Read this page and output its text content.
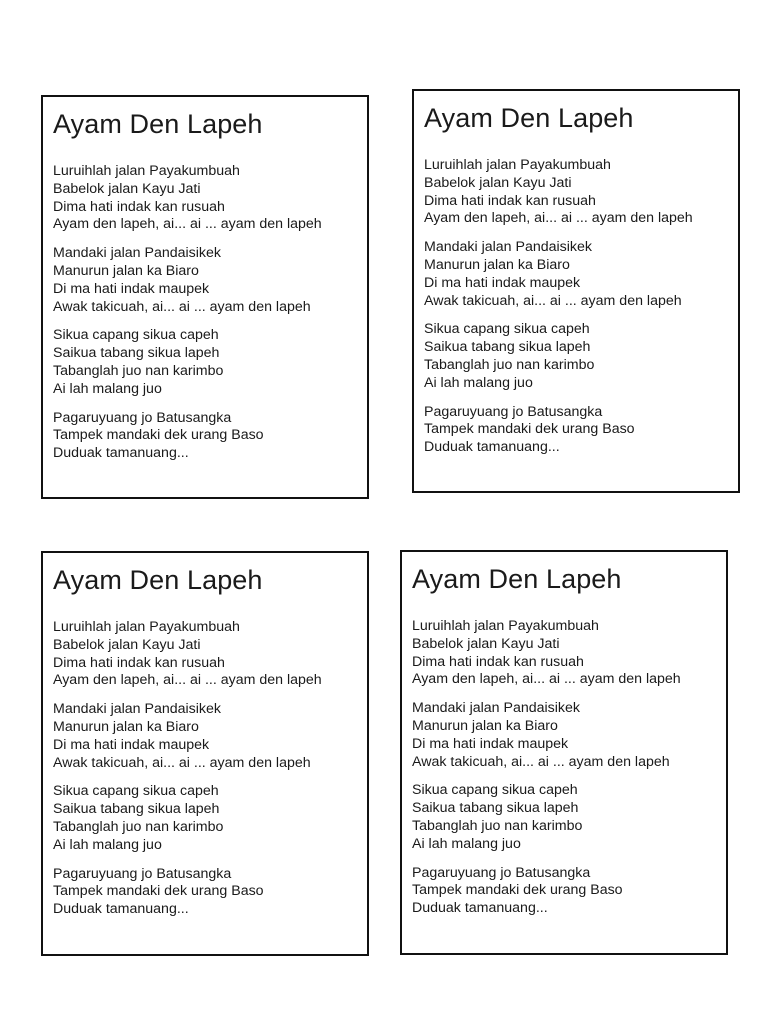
Ayam Den Lapeh
Luruihlah jalan Payakumbuah
Babelok jalan Kayu Jati
Dima hati indak kan rusuah
Ayam den lapeh, ai... ai ... ayam den lapeh
Mandaki jalan Pandaisikek
Manurun jalan ka Biaro
Di ma hati indak maupek
Awak takicuah, ai... ai ... ayam den lapeh
Sikua capang sikua capeh
Saikua tabang sikua lapeh
Tabanglah juo nan karimbo
Ai lah malang juo
Pagaruyuang jo Batusangka
Tampek mandaki dek urang Baso
Duduak tamanuang...
Ayam Den Lapeh
Luruihlah jalan Payakumbuah
Babelok jalan Kayu Jati
Dima hati indak kan rusuah
Ayam den lapeh, ai... ai ... ayam den lapeh
Mandaki jalan Pandaisikek
Manurun jalan ka Biaro
Di ma hati indak maupek
Awak takicuah, ai... ai ... ayam den lapeh
Sikua capang sikua capeh
Saikua tabang sikua lapeh
Tabanglah juo nan karimbo
Ai lah malang juo
Pagaruyuang jo Batusangka
Tampek mandaki dek urang Baso
Duduak tamanuang...
Ayam Den Lapeh
Luruihlah jalan Payakumbuah
Babelok jalan Kayu Jati
Dima hati indak kan rusuah
Ayam den lapeh, ai... ai ... ayam den lapeh
Mandaki jalan Pandaisikek
Manurun jalan ka Biaro
Di ma hati indak maupek
Awak takicuah, ai... ai ... ayam den lapeh
Sikua capang sikua capeh
Saikua tabang sikua lapeh
Tabanglah juo nan karimbo
Ai lah malang juo
Pagaruyuang jo Batusangka
Tampek mandaki dek urang Baso
Duduak tamanuang...
Ayam Den Lapeh
Luruihlah jalan Payakumbuah
Babelok jalan Kayu Jati
Dima hati indak kan rusuah
Ayam den lapeh, ai... ai ... ayam den lapeh
Mandaki jalan Pandaisikek
Manurun jalan ka Biaro
Di ma hati indak maupek
Awak takicuah, ai... ai ... ayam den lapeh
Sikua capang sikua capeh
Saikua tabang sikua lapeh
Tabanglah juo nan karimbo
Ai lah malang juo
Pagaruyuang jo Batusangka
Tampek mandaki dek urang Baso
Duduak tamanuang...
